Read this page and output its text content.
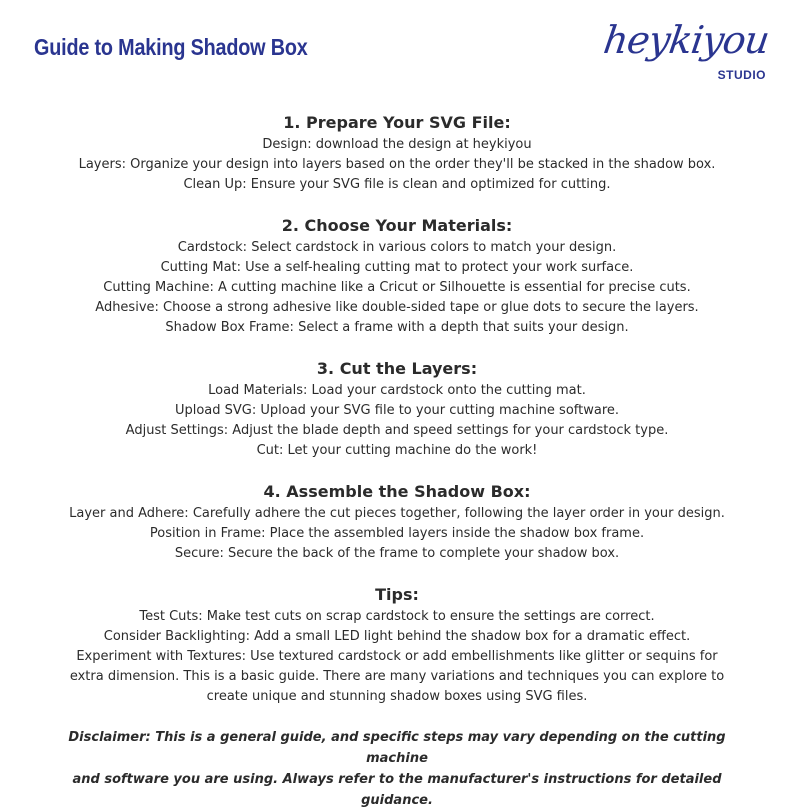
Guide to Making Shadow Box	heykiyou
STUDIO
1. Prepare Your SVG File:
Design: download the design at heykiyou
Layers: Organize your design into layers based on the order they'll be stacked in the shadow box.
Clean Up: Ensure your SVG file is clean and optimized for cutting.
2. Choose Your Materials:
Cardstock: Select cardstock in various colors to match your design.
Cutting Mat: Use a self-healing cutting mat to protect your work surface.
Cutting Machine: A cutting machine like a Cricut or Silhouette is essential for precise cuts.
Adhesive: Choose a strong adhesive like double-sided tape or glue dots to secure the layers.
Shadow Box Frame: Select a frame with a depth that suits your design.
3. Cut the Layers:
Load Materials: Load your cardstock onto the cutting mat.
Upload SVG: Upload your SVG file to your cutting machine software.
Adjust Settings: Adjust the blade depth and speed settings for your cardstock type.
Cut: Let your cutting machine do the work!
4. Assemble the Shadow Box:
Layer and Adhere: Carefully adhere the cut pieces together, following the layer order in your design.
Position in Frame: Place the assembled layers inside the shadow box frame.
Secure: Secure the back of the frame to complete your shadow box.
Tips:
Test Cuts: Make test cuts on scrap cardstock to ensure the settings are correct.
Consider Backlighting: Add a small LED light behind the shadow box for a dramatic effect.
Experiment with Textures: Use textured cardstock or add embellishments like glitter or sequins for
extra dimension. This is a basic guide. There are many variations and techniques you can explore to
create unique and stunning shadow boxes using SVG files.
Disclaimer: This is a general guide, and specific steps may vary depending on the cutting machine
and software you are using. Always refer to the manufacturer's instructions for detailed guidance.
